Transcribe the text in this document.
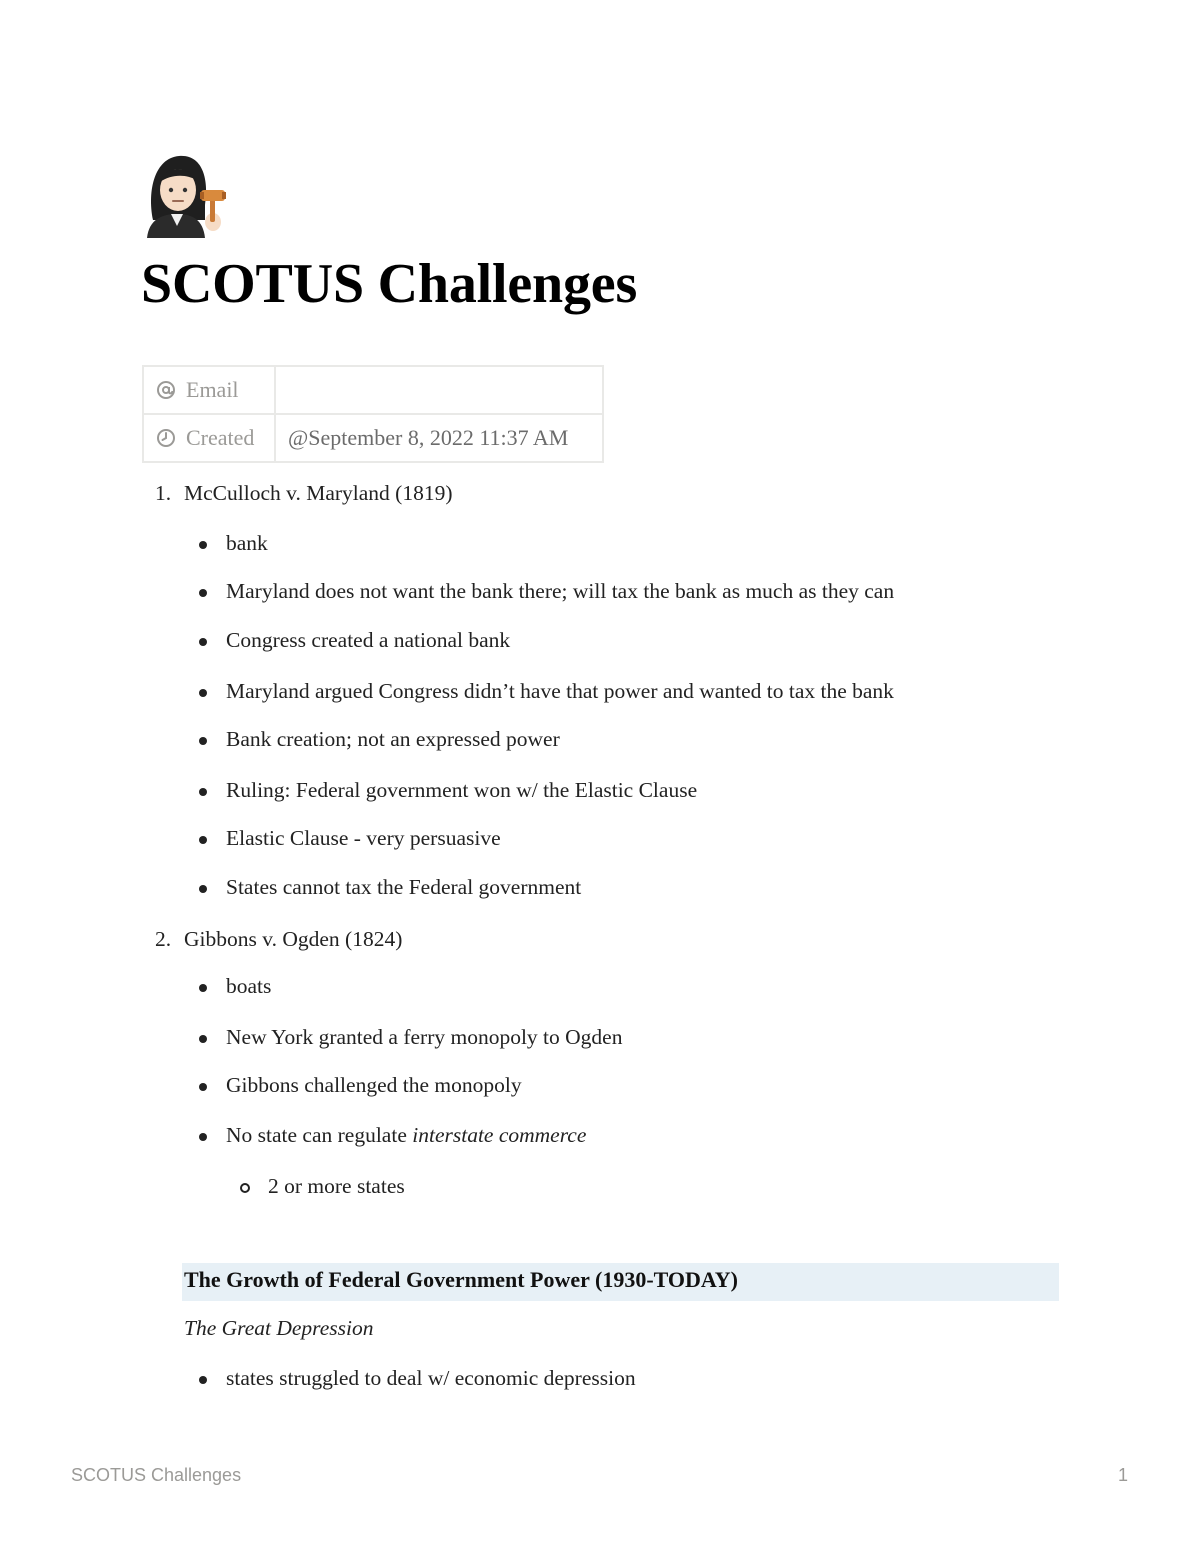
SCOTUS Challenges
Email	
Created	@September 8, 2022 11:37 AM
1. McCulloch v. Maryland (1819)
bank
Maryland does not want the bank there; will tax the bank as much as they can
Congress created a national bank
Maryland argued Congress didn’t have that power and wanted to tax the bank
Bank creation; not an expressed power
Ruling: Federal government won w/ the Elastic Clause
Elastic Clause - very persuasive
States cannot tax the Federal government
2. Gibbons v. Ogden (1824)
boats
New York granted a ferry monopoly to Ogden
Gibbons challenged the monopoly
No state can regulate interstate commerce
2 or more states
The Growth of Federal Government Power (1930-TODAY)
The Great Depression
states struggled to deal w/ economic depression
SCOTUS Challenges	1
